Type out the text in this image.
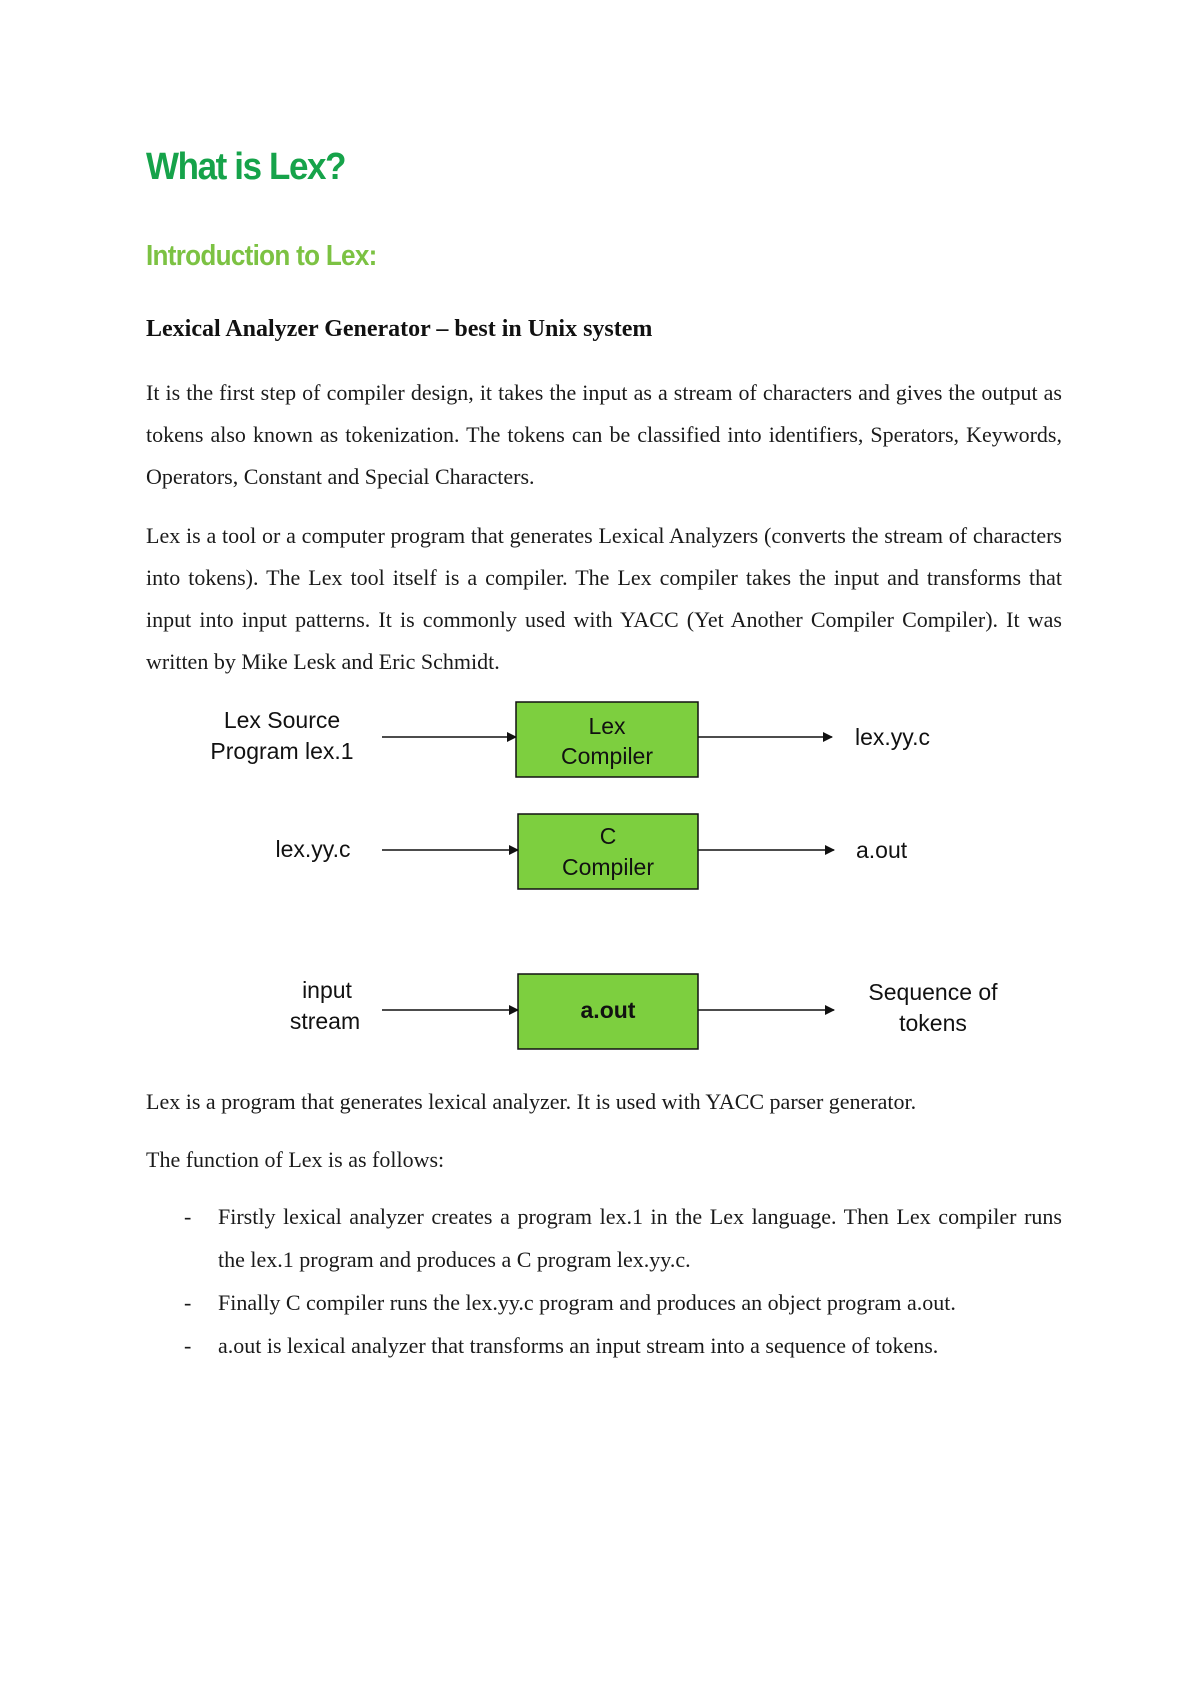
What is Lex?
Introduction to Lex:
Lexical Analyzer Generator – best in Unix system

It is the first step of compiler design, it takes the input as a stream of characters and gives the output as tokens also known as tokenization. The tokens can be classified into identifiers, Sperators, Keywords, Operators, Constant and Special Characters.

Lex is a tool or a computer program that generates Lexical Analyzers (converts the stream of characters into tokens). The Lex tool itself is a compiler. The Lex compiler takes the input and transforms that input into input patterns. It is commonly used with YACC (Yet Another Compiler Compiler). It was written by Mike Lesk and Eric Schmidt.

Lex Source
Program lex.1
Lex
Compiler
lex.yy.c
lex.yy.c	C
Compiler
a.out
input
stream	a.out
Sequence of
tokens

Lex is a program that generates lexical analyzer. It is used with YACC parser generator.

The function of Lex is as follows:

- Firstly lexical analyzer creates a program lex.1 in the Lex language. Then Lex compiler runs the lex.1 program and produces a C program lex.yy.c.
- Finally C compiler runs the lex.yy.c program and produces an object program a.out.
- a.out is lexical analyzer that transforms an input stream into a sequence of tokens.
